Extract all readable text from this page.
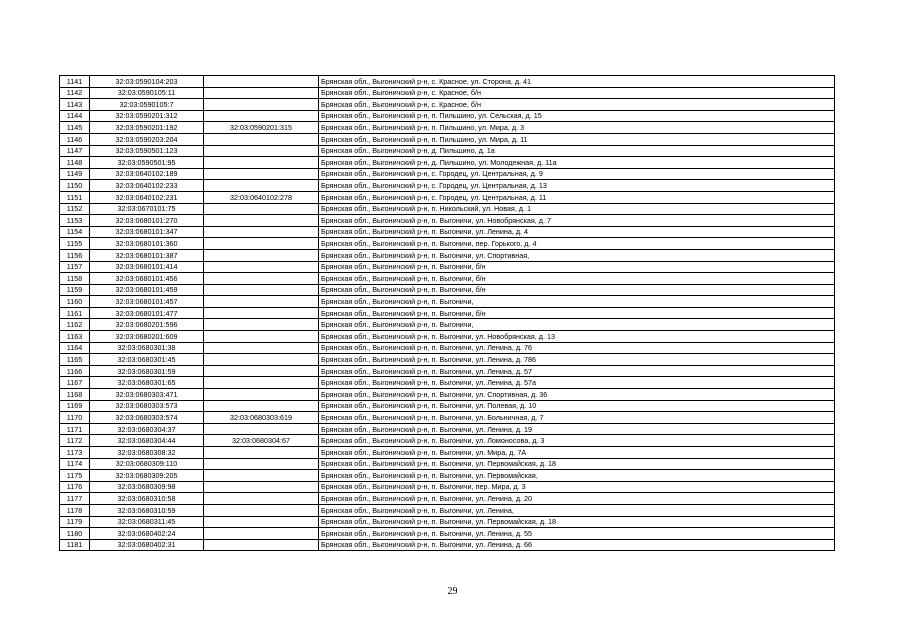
1141	32:03:0590104:203		Брянская обл., Выгоничский р-н, с. Красное, ул. Сторона, д. 41
1142	32:03:0590105:11		Брянская обл., Выгоничский р-н, с. Красное, б/н
1143	32:03:0590105:7		Брянская обл., Выгоничский р-н, с. Красное, б/н
1144	32:03:0590201:312		Брянская обл., Выгоничский р-н, п. Пильшино, ул. Сельская, д. 15
1145	32:03:0590201:192	32:03:0590201:315	Брянская обл., Выгоничский р-н, п. Пильшино, ул. Мира, д. 3
1146	32:03:0590203:204		Брянская обл., Выгоничский р-н, п. Пильшино, ул. Мира, д. 11
1147	32:03:0590501:123		Брянская обл., Выгоничский р-н, д. Пильшино, д. 1а
1148	32:03:0590501:95		Брянская обл., Выгоничский р-н, д. Пильшино, ул. Молодежная, д. 11а
1149	32:03:0640102:189		Брянская обл., Выгоничский р-н, с. Городец, ул. Центральная, д. 9
1150	32:03:0640102:233		Брянская обл., Выгоничский р-н, с. Городец, ул. Центральная, д. 13
1151	32:03:0640102:231	32:03:0640102:278	Брянская обл., Выгоничский р-н, с. Городец, ул. Центральная, д. 11
1152	32:03:0670101:75		Брянская обл., Выгоничский р-н, п. Никольский, ул. Новая, д. 1
1153	32:03:0680101:270		Брянская обл., Выгоничский р-н, п. Выгоничи, ул. Новобрянская, д. 7
1154	32:03:0680101:347		Брянская обл., Выгоничский р-н, п. Выгоничи, ул. Ленина, д. 4
1155	32:03:0680101:360		Брянская обл., Выгоничский р-н, п. Выгоничи, пер. Горького, д. 4
1156	32:03:0680101:387		Брянская обл., Выгоничский р-н, п. Выгоничи, ул. Спортивная,
1157	32:03:0680101:414		Брянская обл., Выгоничский р-н, п. Выгоничи, б/н
1158	32:03:0680101:456		Брянская обл., Выгоничский р-н, п. Выгоничи, б/н
1159	32:03:0680101:459		Брянская обл., Выгоничский р-н, п. Выгоничи, б/н
1160	32:03:0680101:457		Брянская обл., Выгоничский р-н, п. Выгоничи,
1161	32:03:0680101:477		Брянская обл., Выгоничский р-н, п. Выгоничи, б/н
1162	32:03:0680201:596		Брянская обл., Выгоничский р-н, п. Выгоничи,
1163	32:03:0680201:609		Брянская обл., Выгоничский р-н, п. Выгоничи, ул. Новобрянская, д. 13
1164	32:03:0680301:38		Брянская обл., Выгоничский р-н, п. Выгоничи, ул. Ленина, д. 76
1165	32:03:0680301:45		Брянская обл., Выгоничский р-н, п. Выгоничи, ул. Ленина, д. 786
1166	32:03:0680301:59		Брянская обл., Выгоничский р-н, п. Выгоничи, ул. Ленина, д. 57
1167	32:03:0680301:65		Брянская обл., Выгоничский р-н, п. Выгоничи, ул. Ленина, д. 57а
1168	32:03:0680303:471		Брянская обл., Выгоничский р-н, п. Выгоничи, ул. Спортивная, д. 36
1169	32:03:0680303:573		Брянская обл., Выгоничский р-н, п. Выгоничи, ул. Полевая, д. 10
1170	32:03:0680303:574	32:03:0680303:619	Брянская обл., Выгоничский р-н, п. Выгоничи, ул. Больничная, д. 7
1171	32:03:0680304:37		Брянская обл., Выгоничский р-н, п. Выгоничи, ул. Ленина, д. 19
1172	32:03:0680304:44	32:03:0680304:67	Брянская обл., Выгоничский р-н, п. Выгоничи, ул. Ломоносова, д. 3
1173	32:03:0680308:32		Брянская обл., Выгоничский р-н, п. Выгоничи, ул. Мира, д. 7А
1174	32:03:0680309:110		Брянская обл., Выгоничский р-н, п. Выгоничи, ул. Первомайская, д. 18
1175	32:03:0680309:205		Брянская обл., Выгоничский р-н, п. Выгоничи, ул. Первомайская,
1176	32:03:0680309:98		Брянская обл., Выгоничский р-н, п. Выгоничи, пер. Мира, д. 3
1177	32:03:0680310:58		Брянская обл., Выгоничский р-н, п. Выгоничи, ул. Ленина, д. 20
1178	32:03:0680310:59		Брянская обл., Выгоничский р-н, п. Выгоничи, ул. Ленина,
1179	32:03:0680311:45		Брянская обл., Выгоничский р-н, п. Выгоничи, ул. Первомайская, д. 18
1180	32:03:0680402:24		Брянская обл., Выгоничский р-н, п. Выгоничи, ул. Ленина, д. 55
1181	32:03:0680402:31		Брянская обл., Выгоничский р-н, п. Выгоничи, ул. Ленина, д. 66
29
